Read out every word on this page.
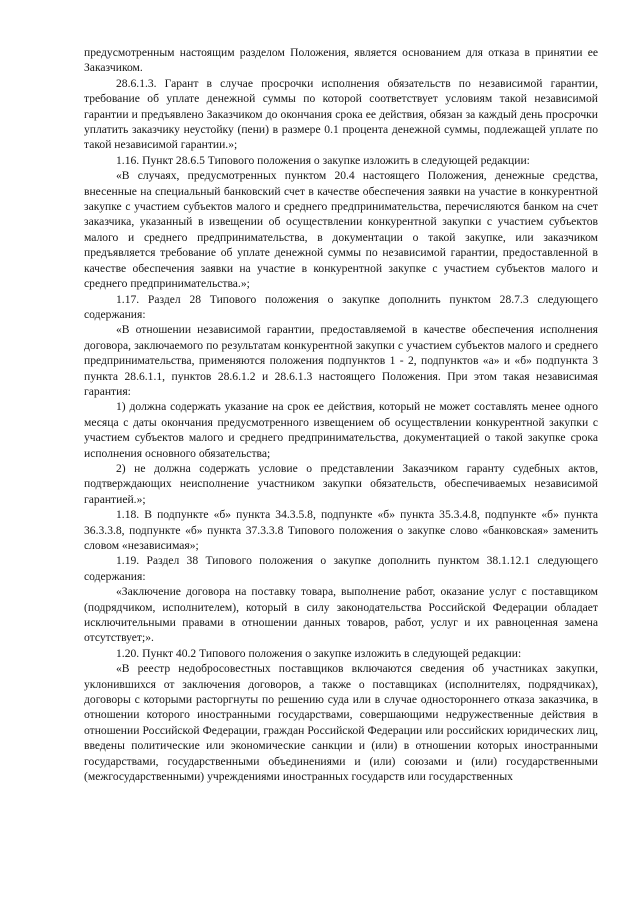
предусмотренным настоящим разделом Положения, является основанием для отказа в принятии ее Заказчиком.

28.6.1.3. Гарант в случае просрочки исполнения обязательств по независимой гарантии, требование об уплате денежной суммы по которой соответствует условиям такой независимой гарантии и предъявлено Заказчиком до окончания срока ее действия, обязан за каждый день просрочки уплатить заказчику неустойку (пени) в размере 0.1 процента денежной суммы, подлежащей уплате по такой независимой гарантии.»;

1.16. Пункт 28.6.5 Типового положения о закупке изложить в следующей редакции:

«В случаях, предусмотренных пунктом 20.4 настоящего Положения, денежные средства, внесенные на специальный банковский счет в качестве обеспечения заявки на участие в конкурентной закупке с участием субъектов малого и среднего предпринимательства, перечисляются банком на счет заказчика, указанный в извещении об осуществлении конкурентной закупки с участием субъектов малого и среднего предпринимательства, в документации о такой закупке, или заказчиком предъявляется требование об уплате денежной суммы по независимой гарантии, предоставленной в качестве обеспечения заявки на участие в конкурентной закупке с участием субъектов малого и среднего предпринимательства.»;

1.17. Раздел 28 Типового положения о закупке дополнить пунктом 28.7.3 следующего содержания:

«В отношении независимой гарантии, предоставляемой в качестве обеспечения исполнения договора, заключаемого по результатам конкурентной закупки с участием субъектов малого и среднего предпринимательства, применяются положения подпунктов 1 - 2, подпунктов «а» и «б» подпункта 3 пункта 28.6.1.1, пунктов 28.6.1.2 и 28.6.1.3 настоящего Положения. При этом такая независимая гарантия:

1) должна содержать указание на срок ее действия, который не может составлять менее одного месяца с даты окончания предусмотренного извещением об осуществлении конкурентной закупки с участием субъектов малого и среднего предпринимательства, документацией о такой закупке срока исполнения основного обязательства;

2) не должна содержать условие о представлении Заказчиком гаранту судебных актов, подтверждающих неисполнение участником закупки обязательств, обеспечиваемых независимой гарантией.»;

1.18. В подпункте «б» пункта 34.3.5.8, подпункте «б» пункта 35.3.4.8, подпункте «б» пункта 36.3.3.8, подпункте «б» пункта 37.3.3.8 Типового положения о закупке слово «банковская» заменить словом «независимая»;

1.19. Раздел 38 Типового положения о закупке дополнить пунктом 38.1.12.1 следующего содержания:

«Заключение договора на поставку товара, выполнение работ, оказание услуг с поставщиком (подрядчиком, исполнителем), который в силу законодательства Российской Федерации обладает исключительными правами в отношении данных товаров, работ, услуг и их равноценная замена отсутствует;».

1.20. Пункт 40.2 Типового положения о закупке изложить в следующей редакции:

«В реестр недобросовестных поставщиков включаются сведения об участниках закупки, уклонившихся от заключения договоров, а также о поставщиках (исполнителях, подрядчиках), договоры с которыми расторгнуты по решению суда или в случае одностороннего отказа заказчика, в отношении которого иностранными государствами, совершающими недружественные действия в отношении Российской Федерации, граждан Российской Федерации или российских юридических лиц, введены политические или экономические санкции и (или) в отношении которых иностранными государствами, государственными объединениями и (или) союзами и (или) государственными (межгосударственными) учреждениями иностранных государств или государственных
